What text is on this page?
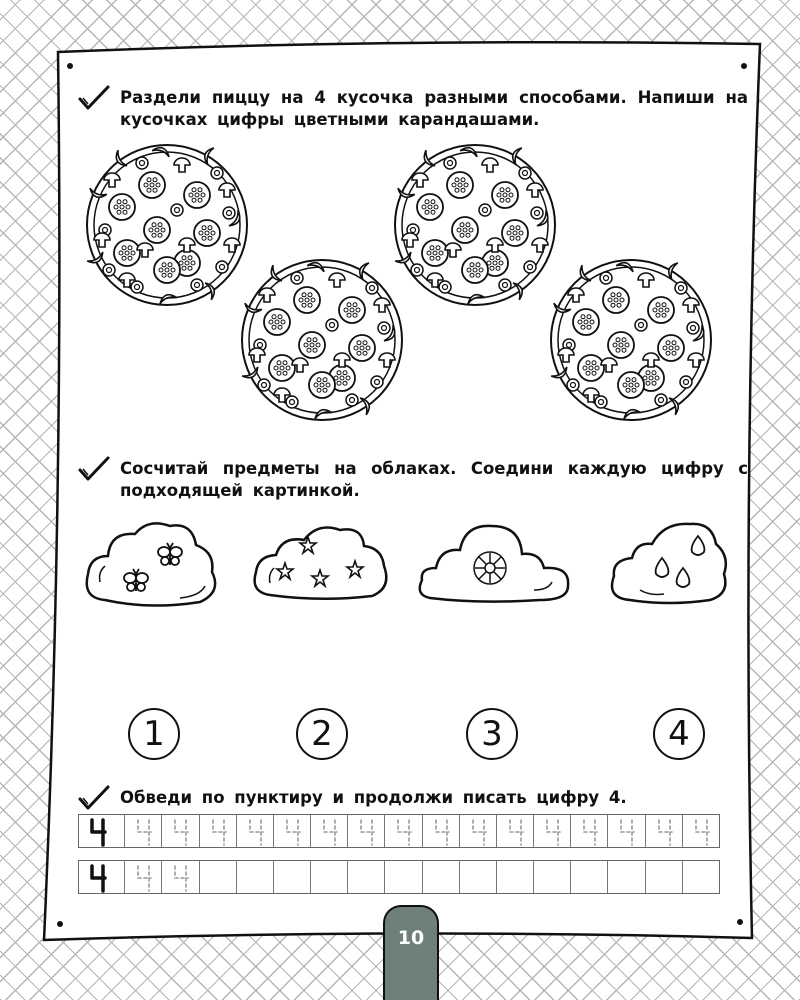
Раздели пиццу на 4 кусочка разными способами. Напиши на кусочках цифры цветными карандашами.
Сосчитай предметы на облаках. Соедини каждую цифру с подходящей картинкой.
1	2	3	4
Обведи по пунктиру и продолжи писать цифру 4.
10
